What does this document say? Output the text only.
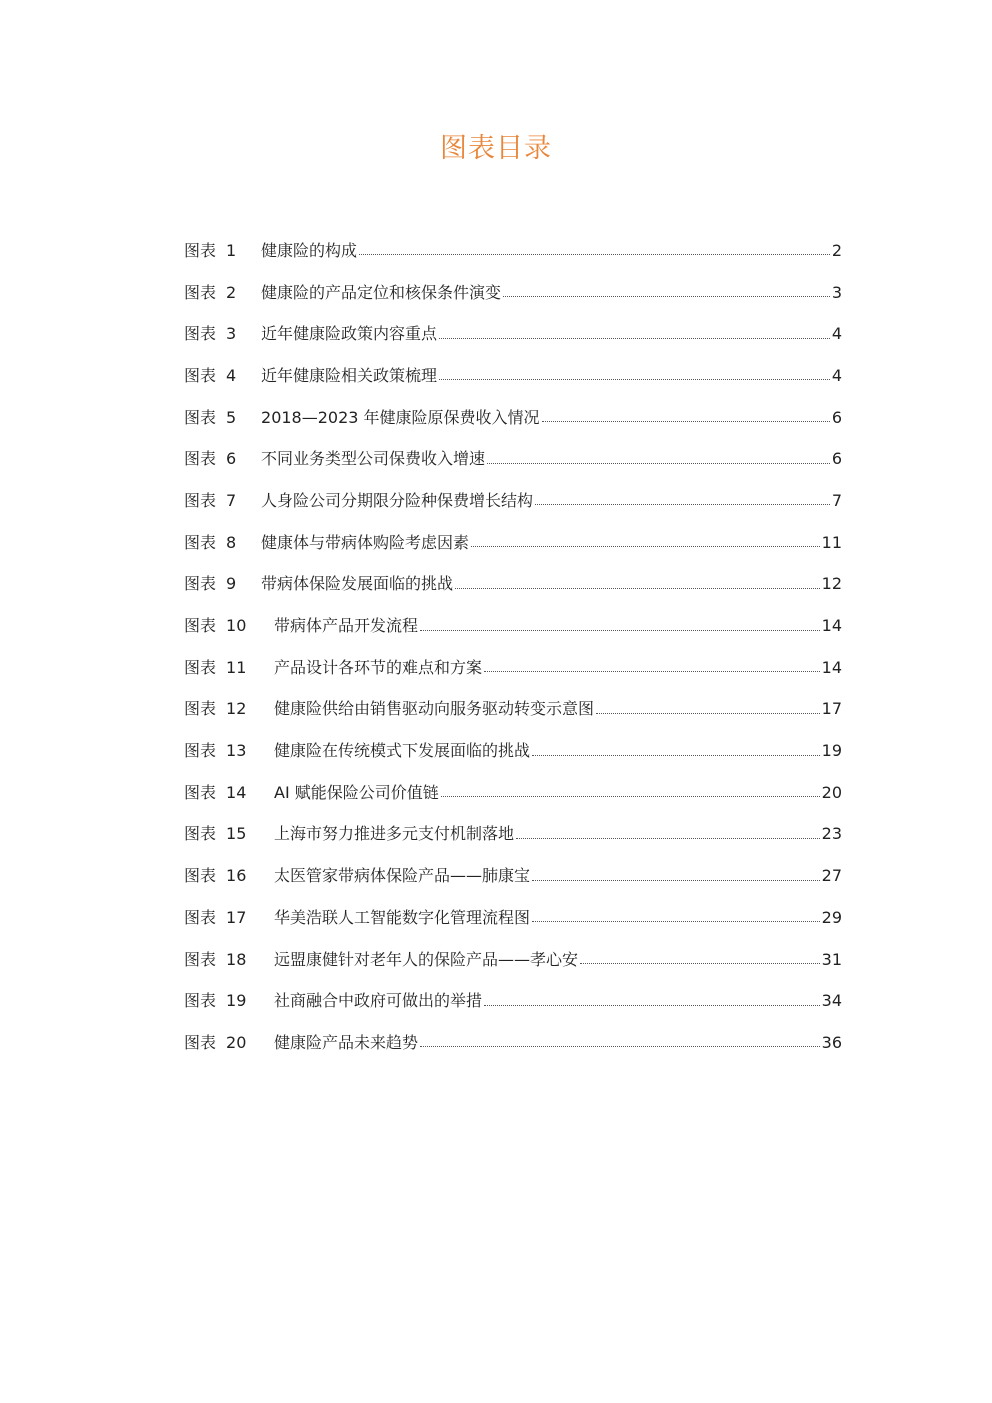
图表目录
图表 1	健康险的构成	2
图表 2	健康险的产品定位和核保条件演变	3
图表 3	近年健康险政策内容重点	4
图表 4	近年健康险相关政策梳理	4
图表 5	2018—2023 年健康险原保费收入情况	6
图表 6	不同业务类型公司保费收入增速	6
图表 7	人身险公司分期限分险种保费增长结构	7
图表 8	健康体与带病体购险考虑因素	11
图表 9	带病体保险发展面临的挑战	12
图表 10	带病体产品开发流程	14
图表 11	产品设计各环节的难点和方案	14
图表 12	健康险供给由销售驱动向服务驱动转变示意图	17
图表 13	健康险在传统模式下发展面临的挑战	19
图表 14	AI 赋能保险公司价值链	20
图表 15	上海市努力推进多元支付机制落地	23
图表 16	太医管家带病体保险产品——肺康宝	27
图表 17	华美浩联人工智能数字化管理流程图	29
图表 18	远盟康健针对老年人的保险产品——孝心安	31
图表 19	社商融合中政府可做出的举措	34
图表 20	健康险产品未来趋势	36
